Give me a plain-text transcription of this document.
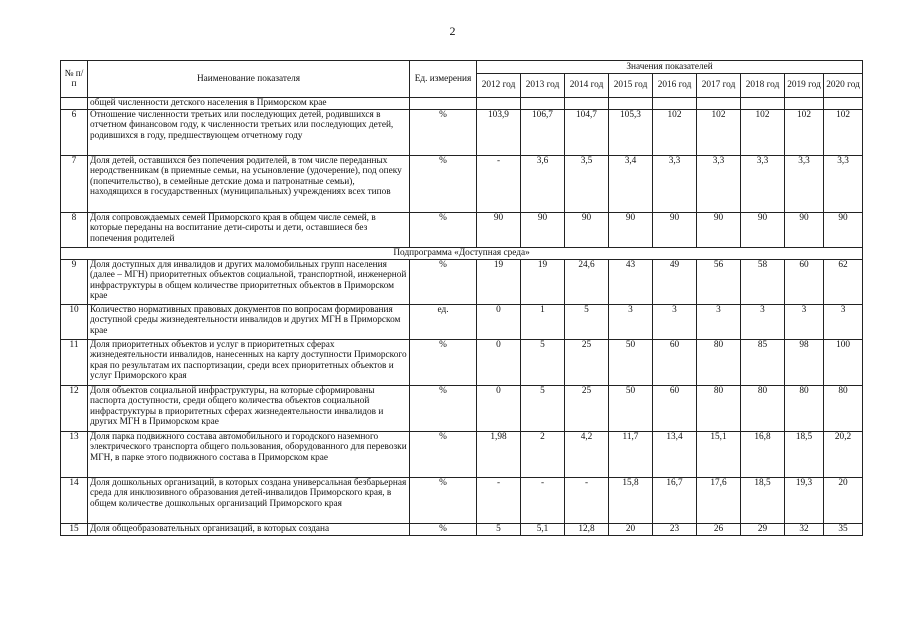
2
№ п/п	Наименование показателя	Ед. измерения	Значения показателей								
			2012 год	2013 год	2014 год	2015 год	2016 год	2017 год	2018 год	2019 год	2020 год
	общей численности детского населения в Приморском крае										
6	Отношение численности третьих или последующих детей, родившихся в отчетном финансовом году, к численности третьих или последующих детей, родившихся в году, предшествующем отчетному году	%	103,9	106,7	104,7	105,3	102	102	102	102	102
7	Доля детей, оставшихся без попечения родителей, в том числе переданных неродственникам (в приемные семьи, на усыновление (удочерение), под опеку (попечительство), в семейные детские дома и патронатные семьи), находящихся в государственных (муниципальных) учреждениях всех типов	%	-	3,6	3,5	3,4	3,3	3,3	3,3	3,3	3,3
8	Доля сопровождаемых семей Приморского края в общем числе семей, в которые переданы на воспитание дети-сироты и дети, оставшиеся без попечения родителей	%	90	90	90	90	90	90	90	90	90
Подпрограмма «Доступная среда»											
9	Доля доступных для инвалидов и других маломобильных групп населения (далее – МГН) приоритетных объектов социальной, транспортной, инженерной инфраструктуры в общем количестве приоритетных объектов в Приморском крае	%	19	19	24,6	43	49	56	58	60	62
10	Количество нормативных правовых документов по вопросам формирования доступной среды жизнедеятельности инвалидов и других МГН в Приморском крае	ед.	0	1	5	3	3	3	3	3	3
11	Доля приоритетных объектов и услуг в приоритетных сферах жизнедеятельности инвалидов, нанесенных на карту доступности Приморского края по результатам их паспортизации, среди всех приоритетных объектов и услуг Приморского края	%	0	5	25	50	60	80	85	98	100
12	Доля объектов социальной инфраструктуры, на которые сформированы паспорта доступности, среди общего количества объектов социальной инфраструктуры в приоритетных сферах жизнедеятельности инвалидов и других МГН в Приморском крае	%	0	5	25	50	60	80	80	80	80
13	Доля парка подвижного состава автомобильного и городского наземного электрического транспорта общего пользования, оборудованного для перевозки МГН, в парке этого подвижного состава в Приморском крае	%	1,98	2	4,2	11,7	13,4	15,1	16,8	18,5	20,2
14	Доля дошкольных организаций, в которых создана универсальная безбарьерная среда для инклюзивного образования детей-инвалидов Приморского края, в общем количестве дошкольных организаций Приморского края	%	-	-	-	15,8	16,7	17,6	18,5	19,3	20
15	Доля общеобразовательных организаций, в которых создана	%	5	5,1	12,8	20	23	26	29	32	35
